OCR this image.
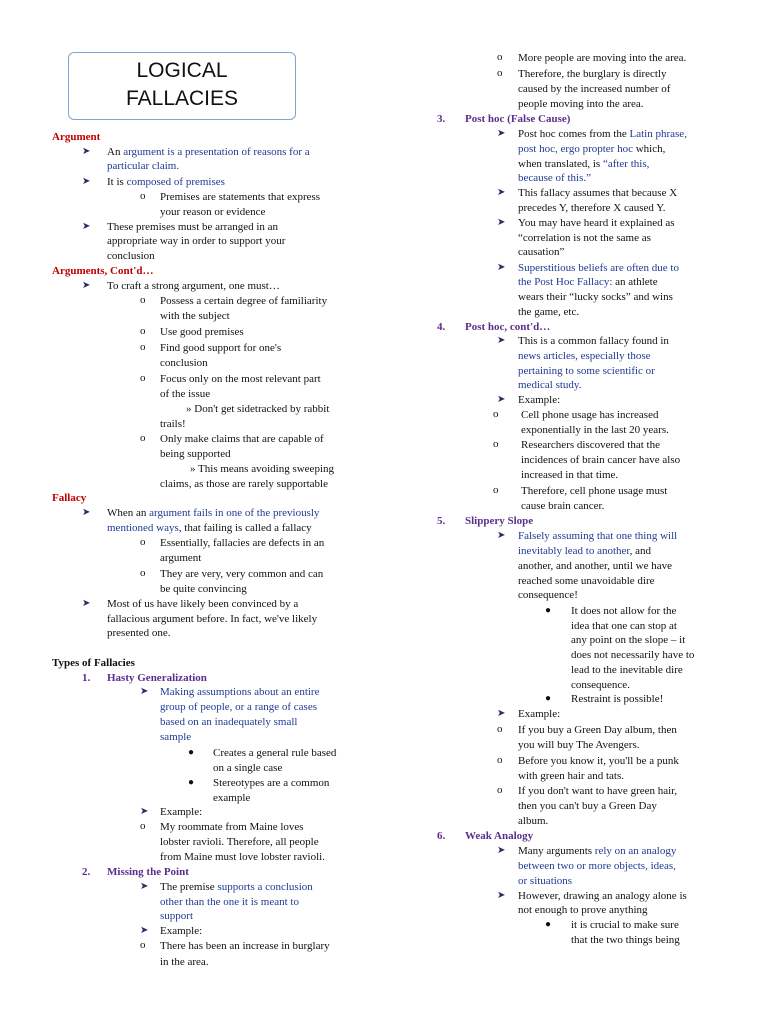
LOGICAL
FALLACIES
Argument
➤ An argument is a presentation of reasons for a
particular claim.
➤ It is composed of premises
o Premises are statements that express
your reason or evidence
➤ These premises must be arranged in an
appropriate way in order to support your
conclusion
Arguments, Cont'd…
➤ To craft a strong argument, one must…
o Possess a certain degree of familiarity
with the subject
o Use good premises
o Find good support for one's
conclusion
o Focus only on the most relevant part
of the issue
» Don't get sidetracked by rabbit
trails!
o Only make claims that are capable of
being supported
» This means avoiding sweeping
claims, as those are rarely supportable
Fallacy
➤ When an argument fails in one of the previously
mentioned ways, that failing is called a fallacy
o Essentially, fallacies are defects in an
argument
o They are very, very common and can
be quite convincing
➤ Most of us have likely been convinced by a
fallacious argument before. In fact, we've likely
presented one.
Types of Fallacies
1. Hasty Generalization
➤ Making assumptions about an entire
group of people, or a range of cases
based on an inadequately small
sample
● Creates a general rule based
on a single case
● Stereotypes are a common
example
➤ Example:
o My roommate from Maine loves
lobster ravioli. Therefore, all people
from Maine must love lobster ravioli.
2. Missing the Point
➤ The premise supports a conclusion
other than the one it is meant to
support
➤ Example:
o There has been an increase in burglary
in the area.
o More people are moving into the area.
o Therefore, the burglary is directly
caused by the increased number of
people moving into the area.
3. Post hoc (False Cause)
➤ Post hoc comes from the Latin phrase,
post hoc, ergo propter hoc which,
when translated, is “after this,
because of this.”
➤ This fallacy assumes that because X
precedes Y, therefore X caused Y.
➤ You may have heard it explained as
“correlation is not the same as
causation”
➤ Superstitious beliefs are often due to
the Post Hoc Fallacy: an athlete
wears their “lucky socks” and wins
the game, etc.
4. Post hoc, cont'd…
➤ This is a common fallacy found in
news articles, especially those
pertaining to some scientific or
medical study.
➤ Example:
o Cell phone usage has increased
exponentially in the last 20 years.
o Researchers discovered that the
incidences of brain cancer have also
increased in that time.
o Therefore, cell phone usage must
cause brain cancer.
5. Slippery Slope
➤ Falsely assuming that one thing will
inevitably lead to another, and
another, and another, until we have
reached some unavoidable dire
consequence!
● It does not allow for the
idea that one can stop at
any point on the slope – it
does not necessarily have to
lead to the inevitable dire
consequence.
● Restraint is possible!
➤ Example:
o If you buy a Green Day album, then
you will buy The Avengers.
o Before you know it, you'll be a punk
with green hair and tats.
o If you don't want to have green hair,
then you can't buy a Green Day
album.
6. Weak Analogy
➤ Many arguments rely on an analogy
between two or more objects, ideas,
or situations
➤ However, drawing an analogy alone is
not enough to prove anything
● it is crucial to make sure
that the two things being
